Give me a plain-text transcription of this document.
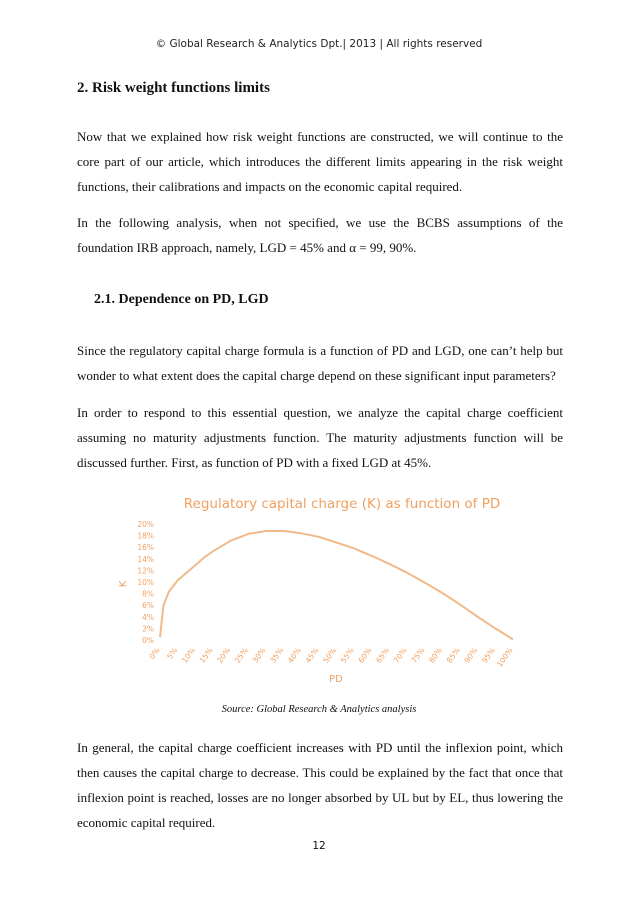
© Global Research & Analytics Dpt.| 2013 | All rights reserved
2. Risk weight functions limits

Now that we explained how risk weight functions are constructed, we will continue to the core part of our article, which introduces the different limits appearing in the risk weight functions, their calibrations and impacts on the economic capital required.

In the following analysis, when not specified, we use the BCBS assumptions of the foundation IRB approach, namely, LGD = 45% and α = 99, 90%.

2.1. Dependence on PD, LGD

Since the regulatory capital charge formula is a function of PD and LGD, one can’t help but wonder to what extent does the capital charge depend on these significant input parameters?

In order to respond to this essential question, we analyze the capital charge coefficient assuming no maturity adjustments function. The maturity adjustments function will be discussed further. First, as function of PD with a fixed LGD at 45%.

Regulatory capital charge (K) as function of PD
K
PD
0%
2%
4%
6%
8%
10%
12%
14%
16%
18%
20%
0% 5% 10% 15% 20% 25% 30% 35% 40% 45% 50% 55% 60% 65% 70% 75% 80% 85% 90% 95%
100%
Source: Global Research & Analytics analysis

In general, the capital charge coefficient increases with PD until the inflexion point, which then causes the capital charge to decrease. This could be explained by the fact that once that inflexion point is reached, losses are no longer absorbed by UL but by EL, thus lowering the economic capital required.

12
